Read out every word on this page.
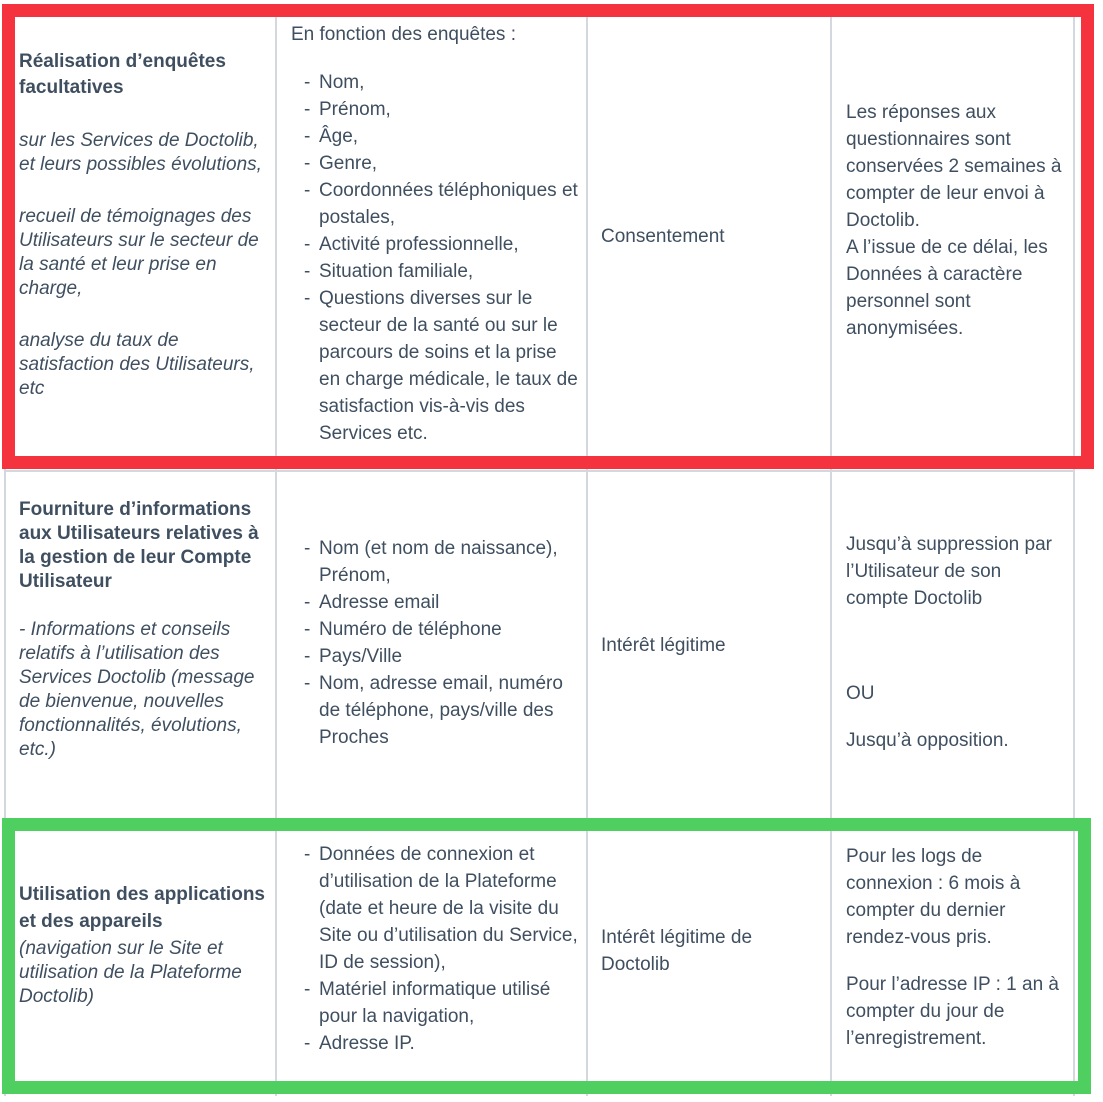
Réalisation d’enquêtes facultatives
sur les Services de Doctolib, et leurs possibles évolutions,
recueil de témoignages des Utilisateurs sur le secteur de la santé et leur prise en charge,
analyse du taux de satisfaction des Utilisateurs, etc
En fonction des enquêtes :
- Nom,
- Prénom,
- Âge,
- Genre,
- Coordonnées téléphoniques et postales,
- Activité professionnelle,
- Situation familiale,
- Questions diverses sur le secteur de la santé ou sur le parcours de soins et la prise en charge médicale, le taux de satisfaction vis-à-vis des Services etc.
Consentement
Les réponses aux questionnaires sont conservées 2 semaines à compter de leur envoi à Doctolib.
A l’issue de ce délai, les Données à caractère personnel sont anonymisées.
Fourniture d’informations aux Utilisateurs relatives à la gestion de leur Compte Utilisateur
- Informations et conseils relatifs à l’utilisation des Services Doctolib (message de bienvenue, nouvelles fonctionnalités, évolutions, etc.)
- Nom (et nom de naissance), Prénom,
- Adresse email
- Numéro de téléphone
- Pays/Ville
- Nom, adresse email, numéro de téléphone, pays/ville des Proches
Intérêt légitime
Jusqu’à suppression par l’Utilisateur de son compte Doctolib
OU
Jusqu’à opposition.
Utilisation des applications et des appareils
(navigation sur le Site et utilisation de la Plateforme Doctolib)
- Données de connexion et d’utilisation de la Plateforme (date et heure de la visite du Site ou d’utilisation du Service, ID de session),
- Matériel informatique utilisé pour la navigation,
- Adresse IP.
Intérêt légitime de Doctolib
Pour les logs de connexion : 6 mois à compter du dernier rendez-vous pris.
Pour l’adresse IP : 1 an à compter du jour de l’enregistrement.
